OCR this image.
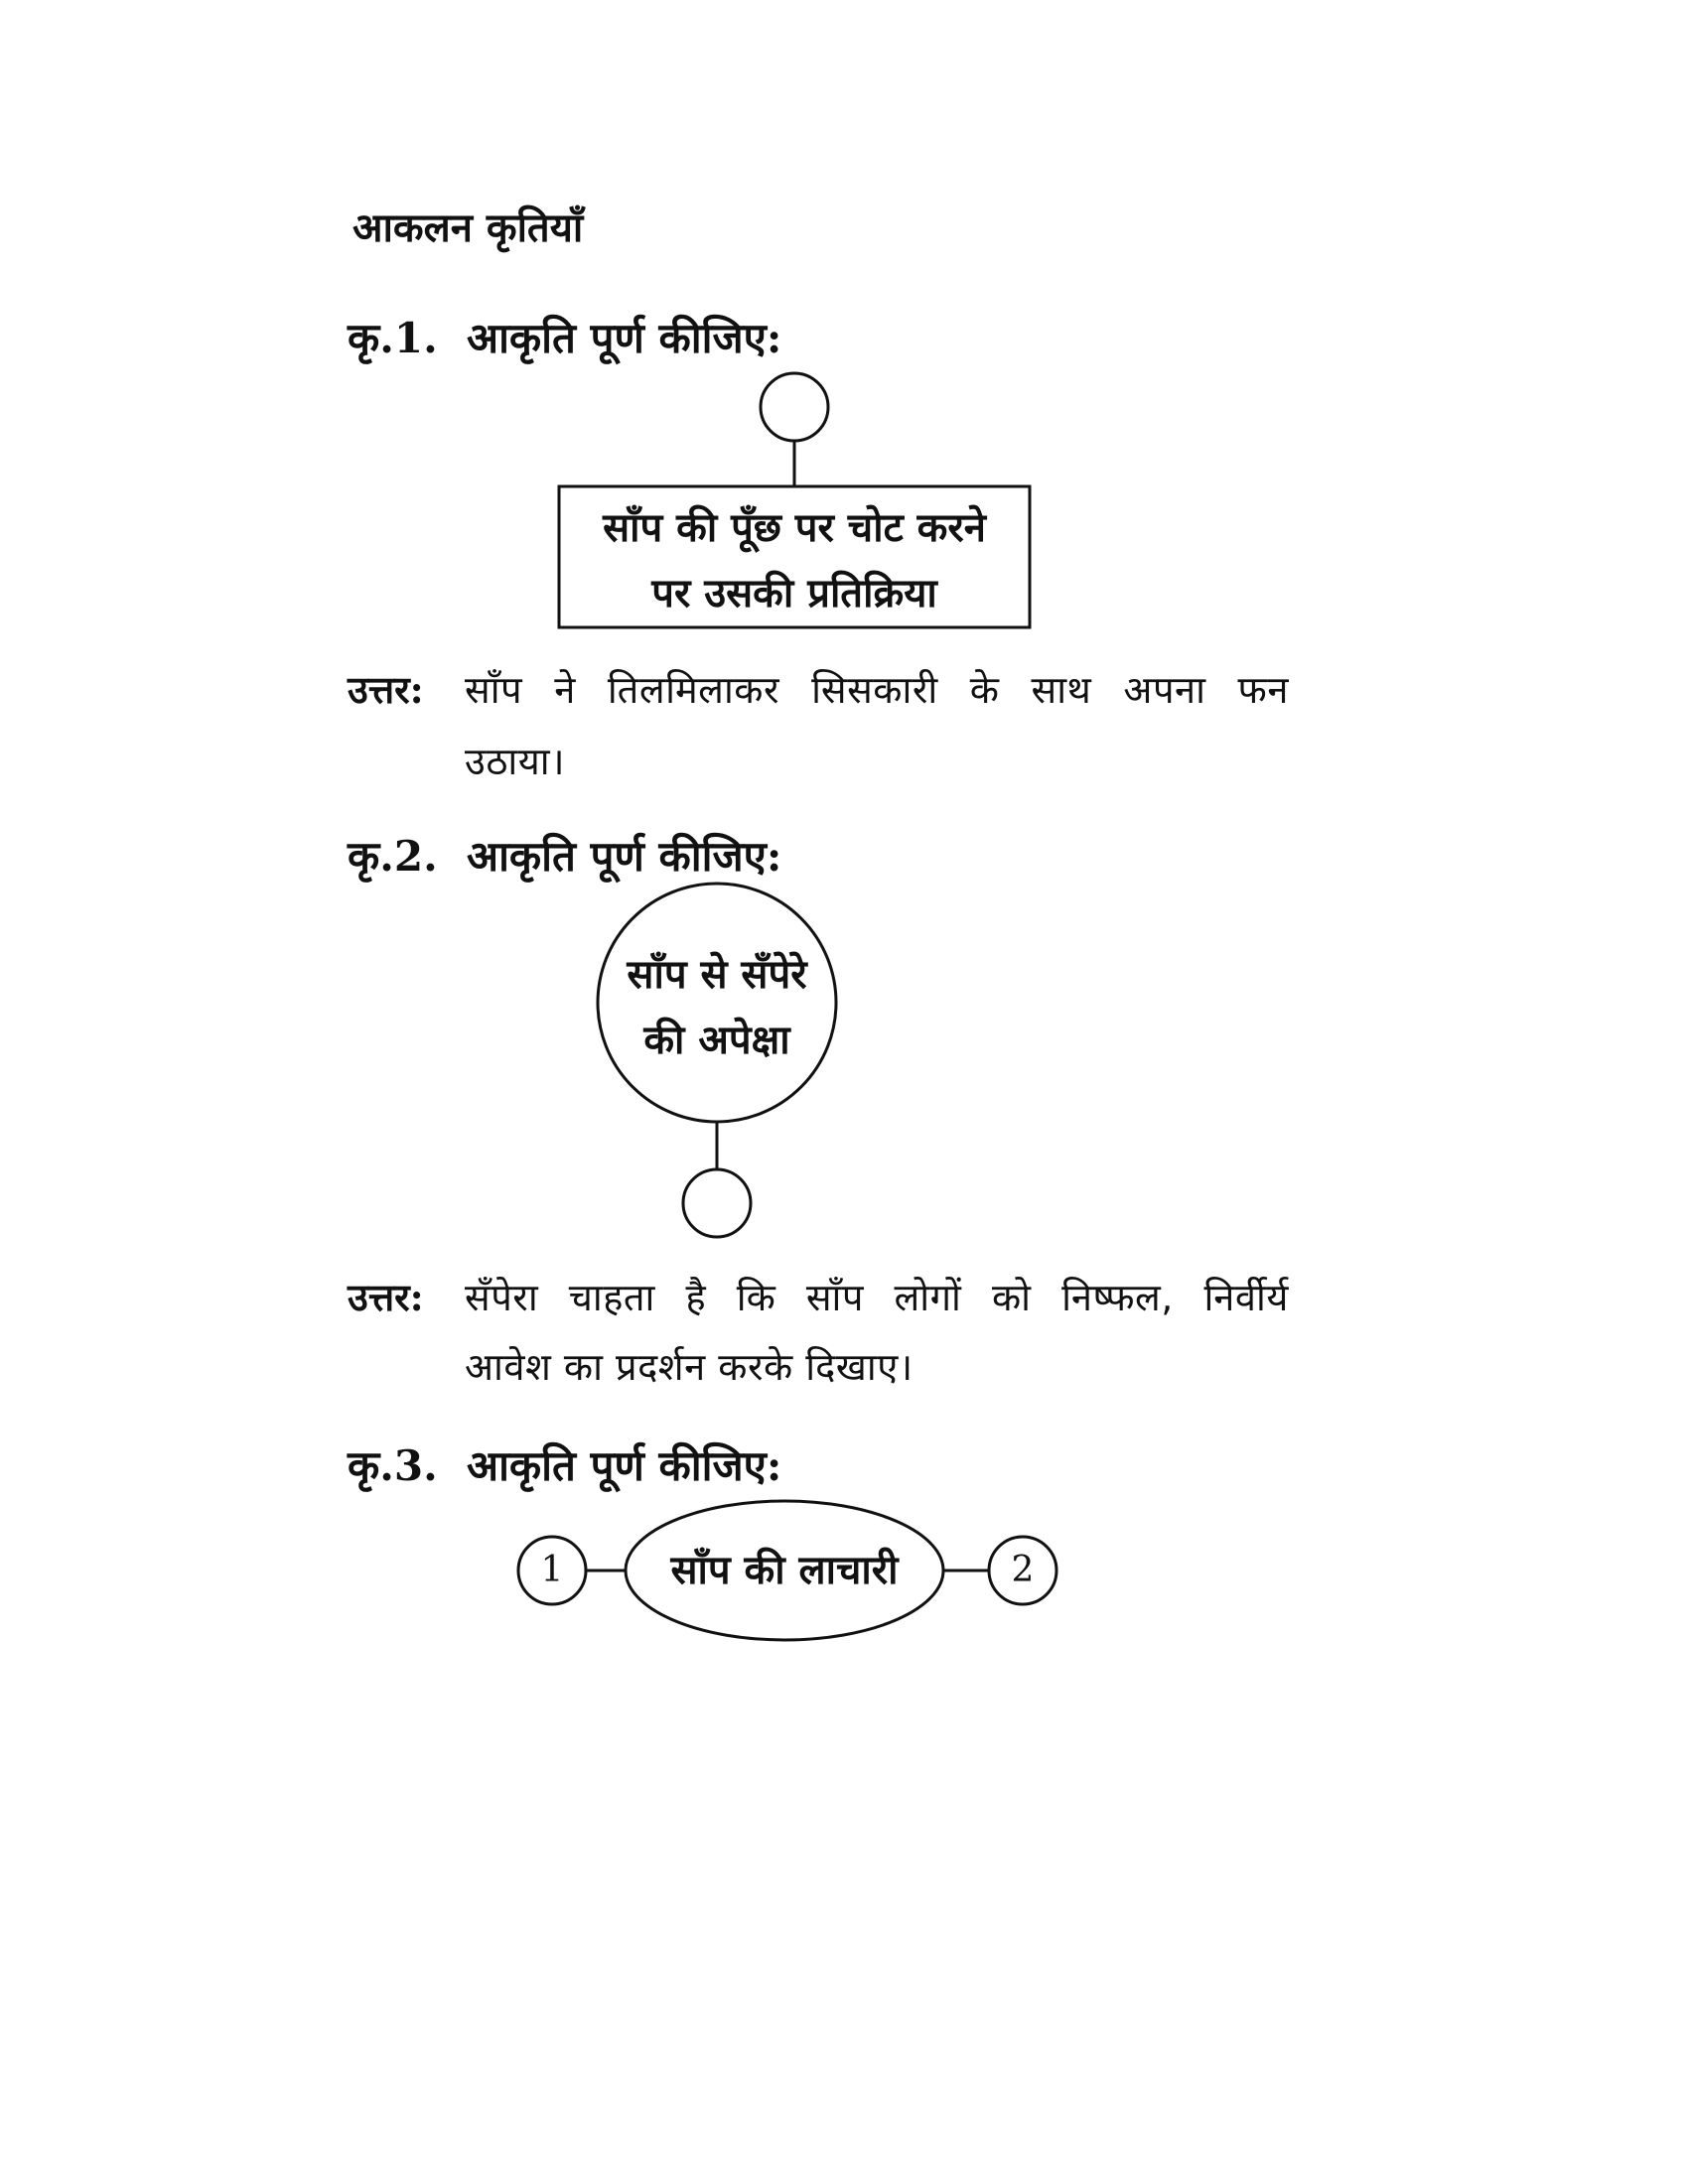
आकलन कृतियाँ
कृ.1. आकृति पूर्ण कीजिए:
साँप की पूँछ पर चोट करने
पर उसकी प्रतिक्रिया
उत्तर: साँप ने तिलमिलाकर सिसकारी के साथ अपना फन
उठाया।
कृ.2. आकृति पूर्ण कीजिए:
साँप से सँपेरे
की अपेक्षा
उत्तर: सँपेरा चाहता है कि साँप लोगों को निष्फल, निर्वीर्य
आवेश का प्रदर्शन करके दिखाए।
कृ.3. आकृति पूर्ण कीजिए:
साँप की लाचारी
1	2
